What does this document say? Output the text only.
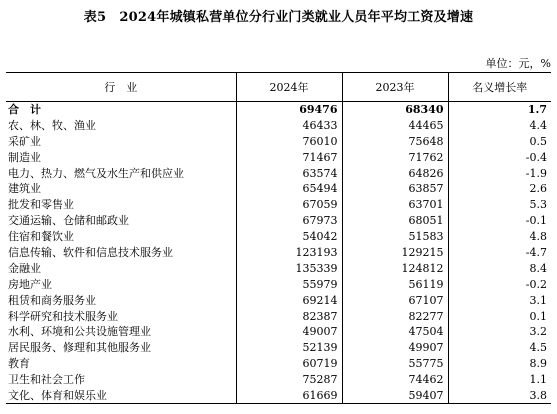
表5　2024年城镇私营单位分行业门类就业人员年平均工资及增速
单位：元，%
行　业	2024年	2023年	名义增长率
合　计	69476	68340	1.7
农、林、牧、渔业	46433	44465	4.4
采矿业	76010	75648	0.5
制造业	71467	71762	-0.4
电力、热力、燃气及水生产和供应业	63574	64826	-1.9
建筑业	65494	63857	2.6
批发和零售业	67059	63701	5.3
交通运输、仓储和邮政业	67973	68051	-0.1
住宿和餐饮业	54042	51583	4.8
信息传输、软件和信息技术服务业	123193	129215	-4.7
金融业	135339	124812	8.4
房地产业	55979	56119	-0.2
租赁和商务服务业	69214	67107	3.1
科学研究和技术服务业	82387	82277	0.1
水利、环境和公共设施管理业	49007	47504	3.2
居民服务、修理和其他服务业	52139	49907	4.5
教育	60719	55775	8.9
卫生和社会工作	75287	74462	1.1
文化、体育和娱乐业	61669	59407	3.8
